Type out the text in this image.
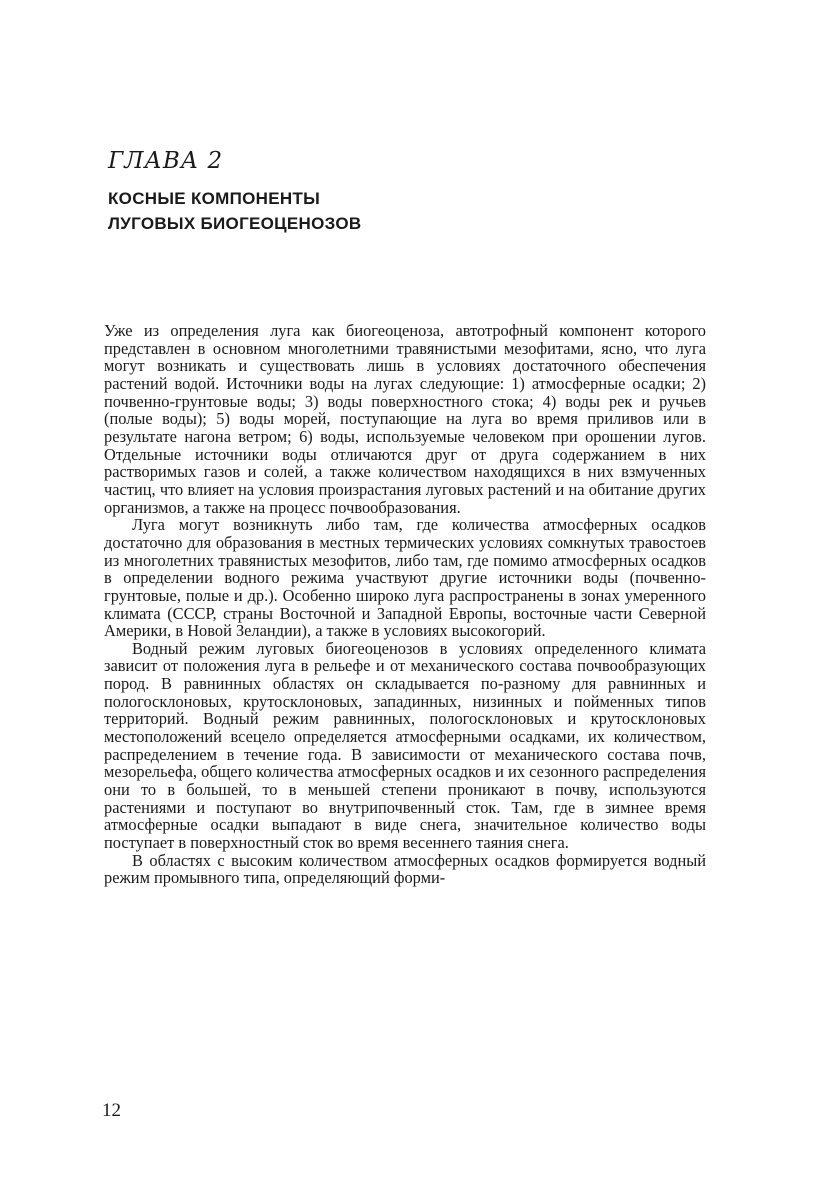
ГЛАВА 2
КОСНЫЕ КОМПОНЕНТЫ
ЛУГОВЫХ БИОГЕОЦЕНОЗОВ

Уже из определения луга как биогеоценоза, автотрофный компонент которого представлен в основном многолетними травянистыми мезофитами, ясно, что луга могут возникать и существовать лишь в условиях достаточного обеспечения растений водой. Источники воды на лугах следующие: 1) атмосферные осадки; 2) почвенно-грунтовые воды; 3) воды поверхностного стока; 4) воды рек и ручьев (полые воды); 5) воды морей, поступающие на луга во время приливов или в результате нагона ветром; 6) воды, используемые человеком при орошении лугов. Отдельные источники воды отличаются друг от друга содержанием в них растворимых газов и солей, а также количеством находящихся в них взмученных частиц, что влияет на условия произрастания луговых растений и на обитание других организмов, а также на процесс почвообразования.

Луга могут возникнуть либо там, где количества атмосферных осадков достаточно для образования в местных термических условиях сомкнутых травостоев из многолетних травянистых мезофитов, либо там, где помимо атмосферных осадков в определении водного режима участвуют другие источники воды (почвенно-грунтовые, полые и др.). Особенно широко луга распространены в зонах умеренного климата (СССР, страны Восточной и Западной Европы, восточные части Северной Америки, в Новой Зеландии), а также в условиях высокогорий.

Водный режим луговых биогеоценозов в условиях определенного климата зависит от положения луга в рельефе и от механического состава почвообразующих пород. В равнинных областях он складывается по-разному для равнинных и пологосклоновых, крутосклоновых, западинных, низинных и пойменных типов территорий. Водный режим равнинных, пологосклоновых и крутосклоновых местоположений всецело определяется атмосферными осадками, их количеством, распределением в течение года. В зависимости от механического состава почв, мезорельефа, общего количества атмосферных осадков и их сезонного распределения они то в большей, то в меньшей степени проникают в почву, используются растениями и поступают во внутрипочвенный сток. Там, где в зимнее время атмосферные осадки выпадают в виде снега, значительное количество воды поступает в поверхностный сток во время весеннего таяния снега.

В областях с высоким количеством атмосферных осадков формируется водный режим промывного типа, определяющий форми-

12
